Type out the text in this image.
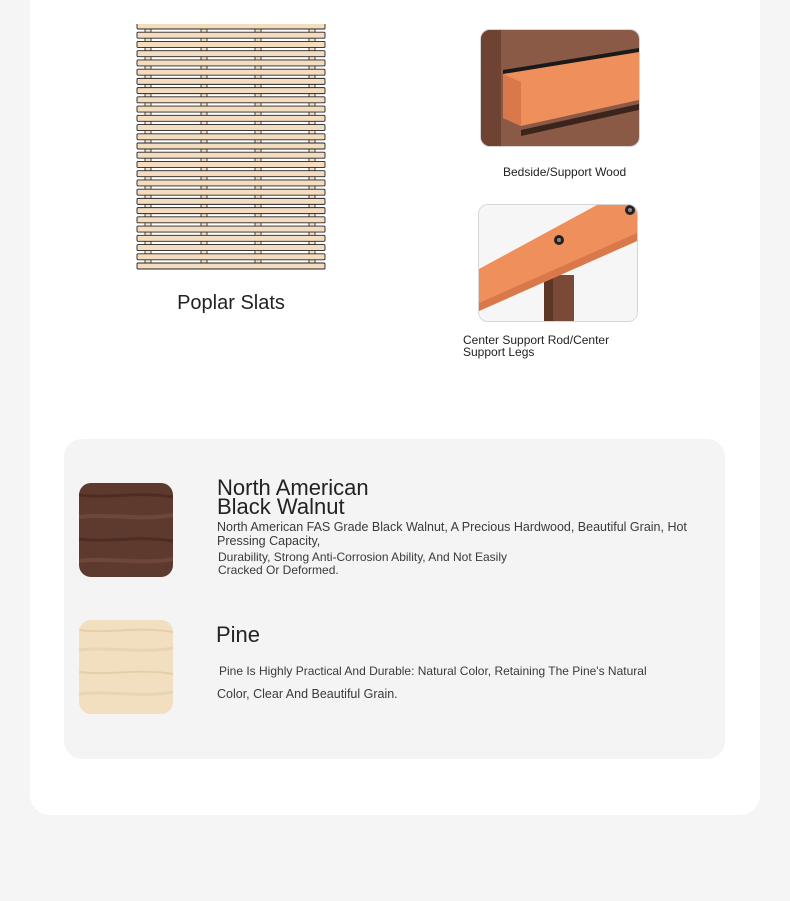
Poplar Slats
Bedside/Support Wood
Center Support Rod/Center Support Legs
North American Black Walnut
North American FAS Grade Black Walnut, A Precious Hardwood, Beautiful Grain, Hot Pressing Capacity,
Durability, Strong Anti-Corrosion Ability, And Not Easily Cracked Or Deformed.
Pine
Pine Is Highly Practical And Durable: Natural Color, Retaining The Pine's Natural
Color, Clear And Beautiful Grain.
